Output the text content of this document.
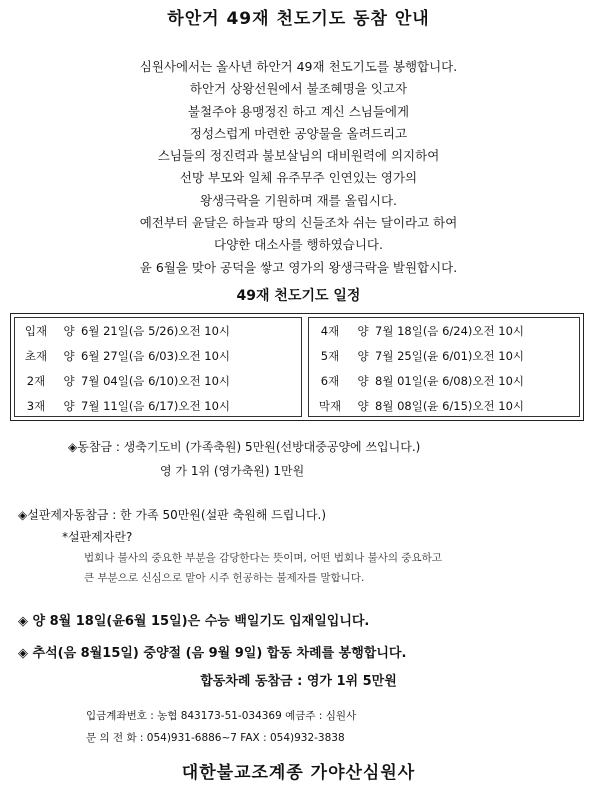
하안거 49재 천도기도 동참 안내
심원사에서는 올사년 하안거 49재 천도기도를 봉행합니다.
하안거 상왕선원에서 불조혜명을 잇고자
불철주야 용맹정진 하고 계신 스님들에게
정성스럽게 마련한 공양물을 올려드리고
스님들의 정진력과 불보살님의 대비원력에 의지하여
선망 부모와 일체 유주무주 인연있는 영가의
왕생극락을 기원하며 재를 올립시다.
예전부터 윤달은 하늘과 땅의 신들조차 쉬는 달이라고 하여
다양한 대소사를 행하였습니다.
윤 6월을 맞아 공덕을 쌓고 영가의 왕생극락을 발원합시다.
49재 천도기도 일정
입재	양 6월 21일(음 5/26)오전 10시
초재	양 6월 27일(음 6/03)오전 10시
2재	양 7월 04일(음 6/10)오전 10시
3재	양 7월 11일(음 6/17)오전 10시
4재	양 7월 18일(음 6/24)오전 10시
5재	양 7월 25일(윤 6/01)오전 10시
6재	양 8월 01일(윤 6/08)오전 10시
막재	양 8월 08일(윤 6/15)오전 10시
◈동참금 : 생축기도비 (가족축원) 5만원(선방대중공양에 쓰입니다.)
영 가 1위 (영가축원) 1만원
◈설판제자동참금 : 한 가족 50만원(설판 축원해 드립니다.)
*설판제자란?
법회나 불사의 중요한 부분을 감당한다는 뜻이며, 어떤 법회나 불사의 중요하고
큰 부분으로 신심으로 맡아 시주 헌공하는 불제자를 말합니다.
◈ 양 8월 18일(윤6월 15일)은 수능 백일기도 입재일입니다.
◈ 추석(음 8월15일) 중양절 (음 9월 9일) 합동 차례를 봉행합니다.
합동차례 동참금 : 영가 1위 5만원
입금계좌번호 : 농협 843173-51-034369 예금주 : 심원사
문 의 전 화 : 054)931-6886~7 FAX : 054)932-3838
대한불교조계종 가야산심원사
